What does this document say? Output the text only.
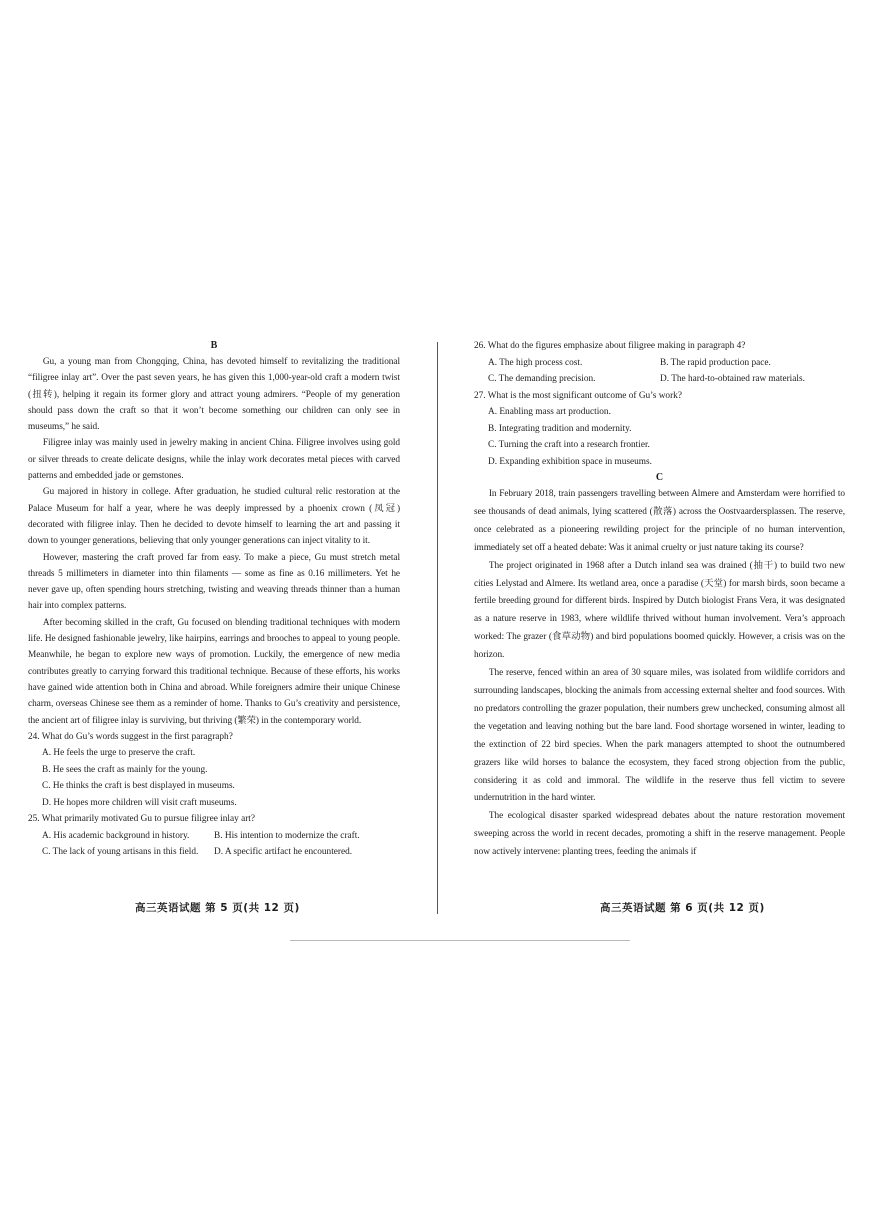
B

Gu, a young man from Chongqing, China, has devoted himself to revitalizing the traditional “filigree inlay art”. Over the past seven years, he has given this 1,000-year-old craft a modern twist (扭转), helping it regain its former glory and attract young admirers. “People of my generation should pass down the craft so that it won’t become something our children can only see in museums,” he said.

Filigree inlay was mainly used in jewelry making in ancient China. Filigree involves using gold or silver threads to create delicate designs, while the inlay work decorates metal pieces with carved patterns and embedded jade or gemstones.

Gu majored in history in college. After graduation, he studied cultural relic restoration at the Palace Museum for half a year, where he was deeply impressed by a phoenix crown (凤冠) decorated with filigree inlay. Then he decided to devote himself to learning the art and passing it down to younger generations, believing that only younger generations can inject vitality to it.

However, mastering the craft proved far from easy. To make a piece, Gu must stretch metal threads 5 millimeters in diameter into thin filaments — some as fine as 0.16 millimeters. Yet he never gave up, often spending hours stretching, twisting and weaving threads thinner than a human hair into complex patterns.

After becoming skilled in the craft, Gu focused on blending traditional techniques with modern life. He designed fashionable jewelry, like hairpins, earrings and brooches to appeal to young people. Meanwhile, he began to explore new ways of promotion. Luckily, the emergence of new media contributes greatly to carrying forward this traditional technique. Because of these efforts, his works have gained wide attention both in China and abroad. While foreigners admire their unique Chinese charm, overseas Chinese see them as a reminder of home. Thanks to Gu’s creativity and persistence, the ancient art of filigree inlay is surviving, but thriving (繁荣) in the contemporary world.

24. What do Gu’s words suggest in the first paragraph?

A. He feels the urge to preserve the craft.

B. He sees the craft as mainly for the young.

C. He thinks the craft is best displayed in museums.

D. He hopes more children will visit craft museums.

25. What primarily motivated Gu to pursue filigree inlay art?

A. His academic background in history.	B. His intention to modernize the craft.
C. The lack of young artisans in this field.	D. A specific artifact he encountered.

26. What do the figures emphasize about filigree making in paragraph 4?

A. The high process cost.	B. The rapid production pace.
C. The demanding precision.	D. The hard-to-obtained raw materials.

27. What is the most significant outcome of Gu’s work?

A. Enabling mass art production.

B. Integrating tradition and modernity.

C. Turning the craft into a research frontier.

D. Expanding exhibition space in museums.

C

In February 2018, train passengers travelling between Almere and Amsterdam were horrified to see thousands of dead animals, lying scattered (散落) across the Oostvaardersplassen. The reserve, once celebrated as a pioneering rewilding project for the principle of no human intervention, immediately set off a heated debate: Was it animal cruelty or just nature taking its course?

The project originated in 1968 after a Dutch inland sea was drained (抽干) to build two new cities Lelystad and Almere. Its wetland area, once a paradise (天堂) for marsh birds, soon became a fertile breeding ground for different birds. Inspired by Dutch biologist Frans Vera, it was designated as a nature reserve in 1983, where wildlife thrived without human involvement. Vera’s approach worked: The grazer (食草动物) and bird populations boomed quickly. However, a crisis was on the horizon.

The reserve, fenced within an area of 30 square miles, was isolated from wildlife corridors and surrounding landscapes, blocking the animals from accessing external shelter and food sources. With no predators controlling the grazer population, their numbers grew unchecked, consuming almost all the vegetation and leaving nothing but the bare land. Food shortage worsened in winter, leading to the extinction of 22 bird species. When the park managers attempted to shoot the outnumbered grazers like wild horses to balance the ecosystem, they faced strong objection from the public, considering it as cold and immoral. The wildlife in the reserve thus fell victim to severe undernutrition in the hard winter.

The ecological disaster sparked widespread debates about the nature restoration movement sweeping across the world in recent decades, promoting a shift in the reserve management. People now actively intervene: planting trees, feeding the animals if

高三英语试题 第 5 页(共 12 页)	高三英语试题 第 6 页(共 12 页)
